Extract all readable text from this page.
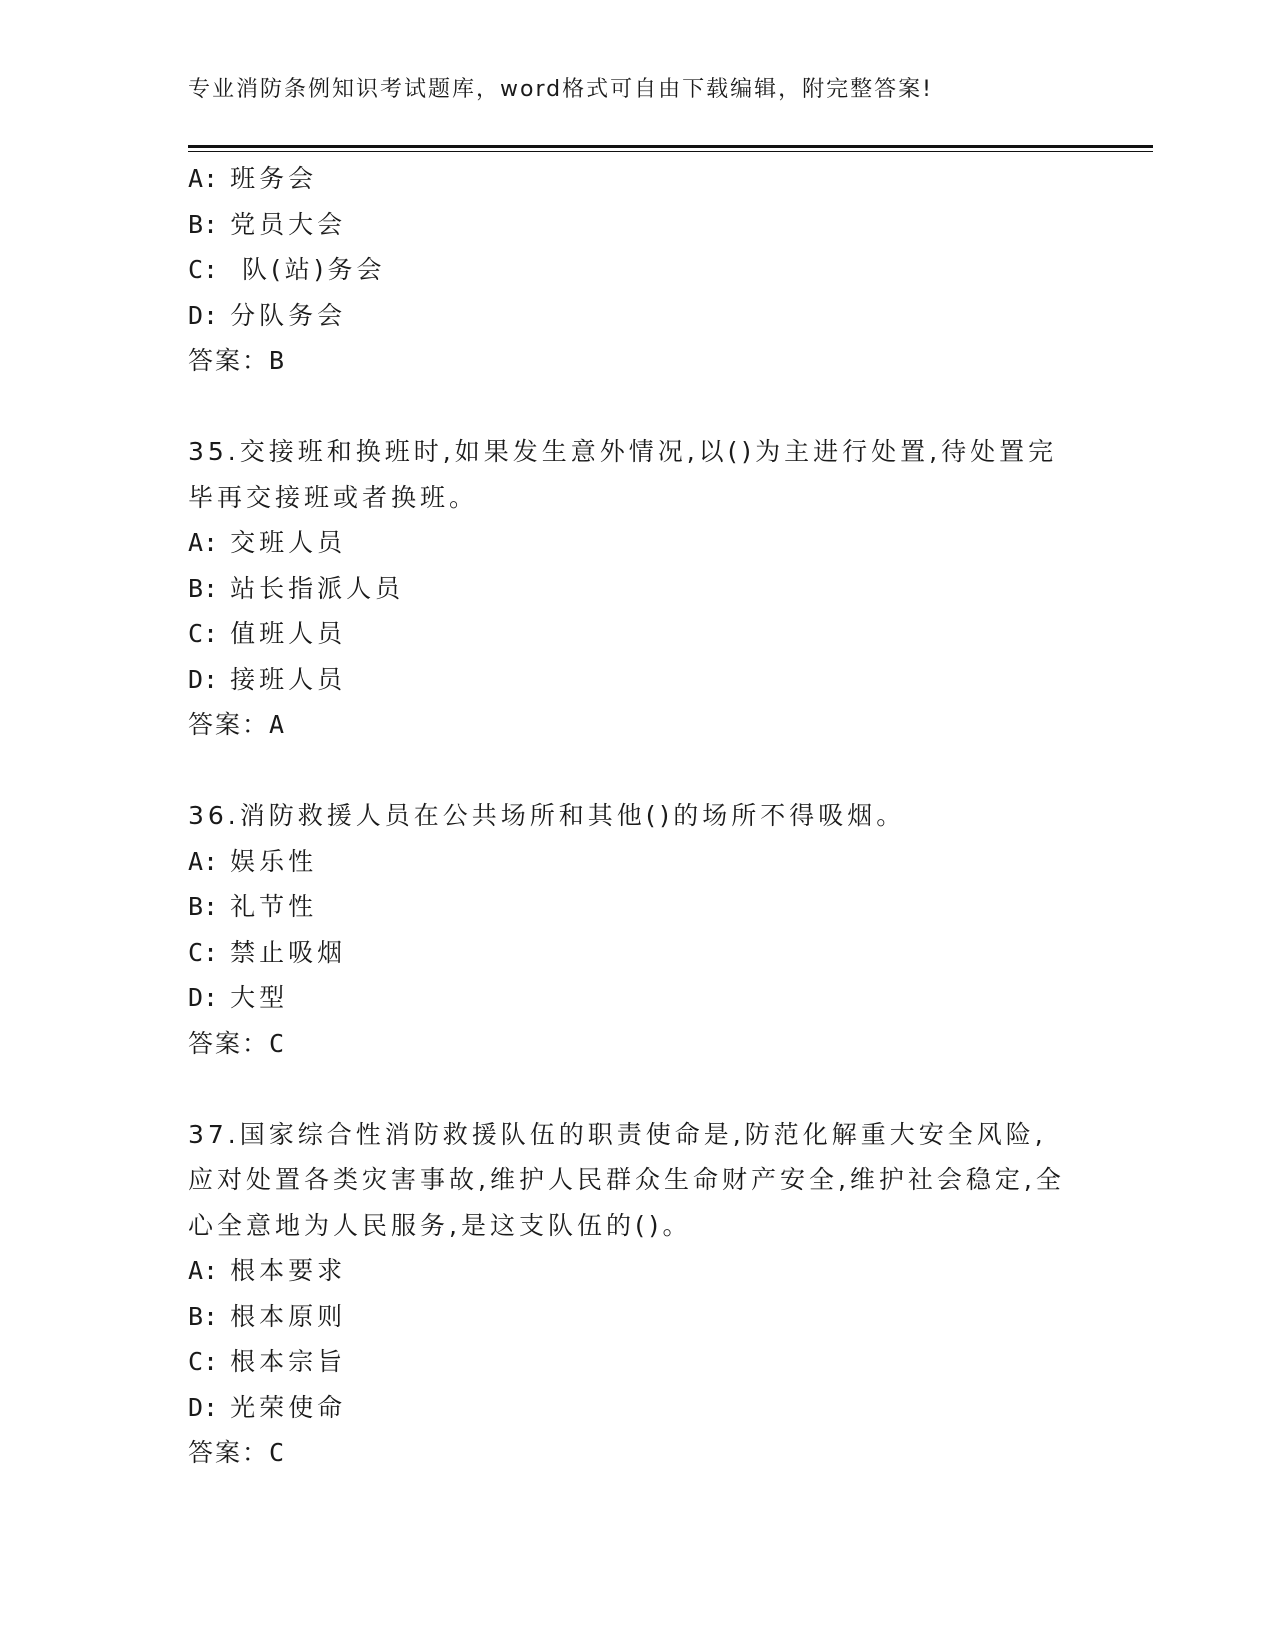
专业消防条例知识考试题库，word格式可自由下载编辑，附完整答案!
A: 班务会
B: 党员大会
C:  队(站)务会
D: 分队务会
答案：B
35.交接班和换班时,如果发生意外情况,以()为主进行处置,待处置完
毕再交接班或者换班。
A: 交班人员
B: 站长指派人员
C: 值班人员
D: 接班人员
答案：A
36.消防救援人员在公共场所和其他()的场所不得吸烟。
A: 娱乐性
B: 礼节性
C: 禁止吸烟
D: 大型
答案：C
37.国家综合性消防救援队伍的职责使命是,防范化解重大安全风险,
应对处置各类灾害事故,维护人民群众生命财产安全,维护社会稳定,全
心全意地为人民服务,是这支队伍的()。
A: 根本要求
B: 根本原则
C: 根本宗旨
D: 光荣使命
答案：C
